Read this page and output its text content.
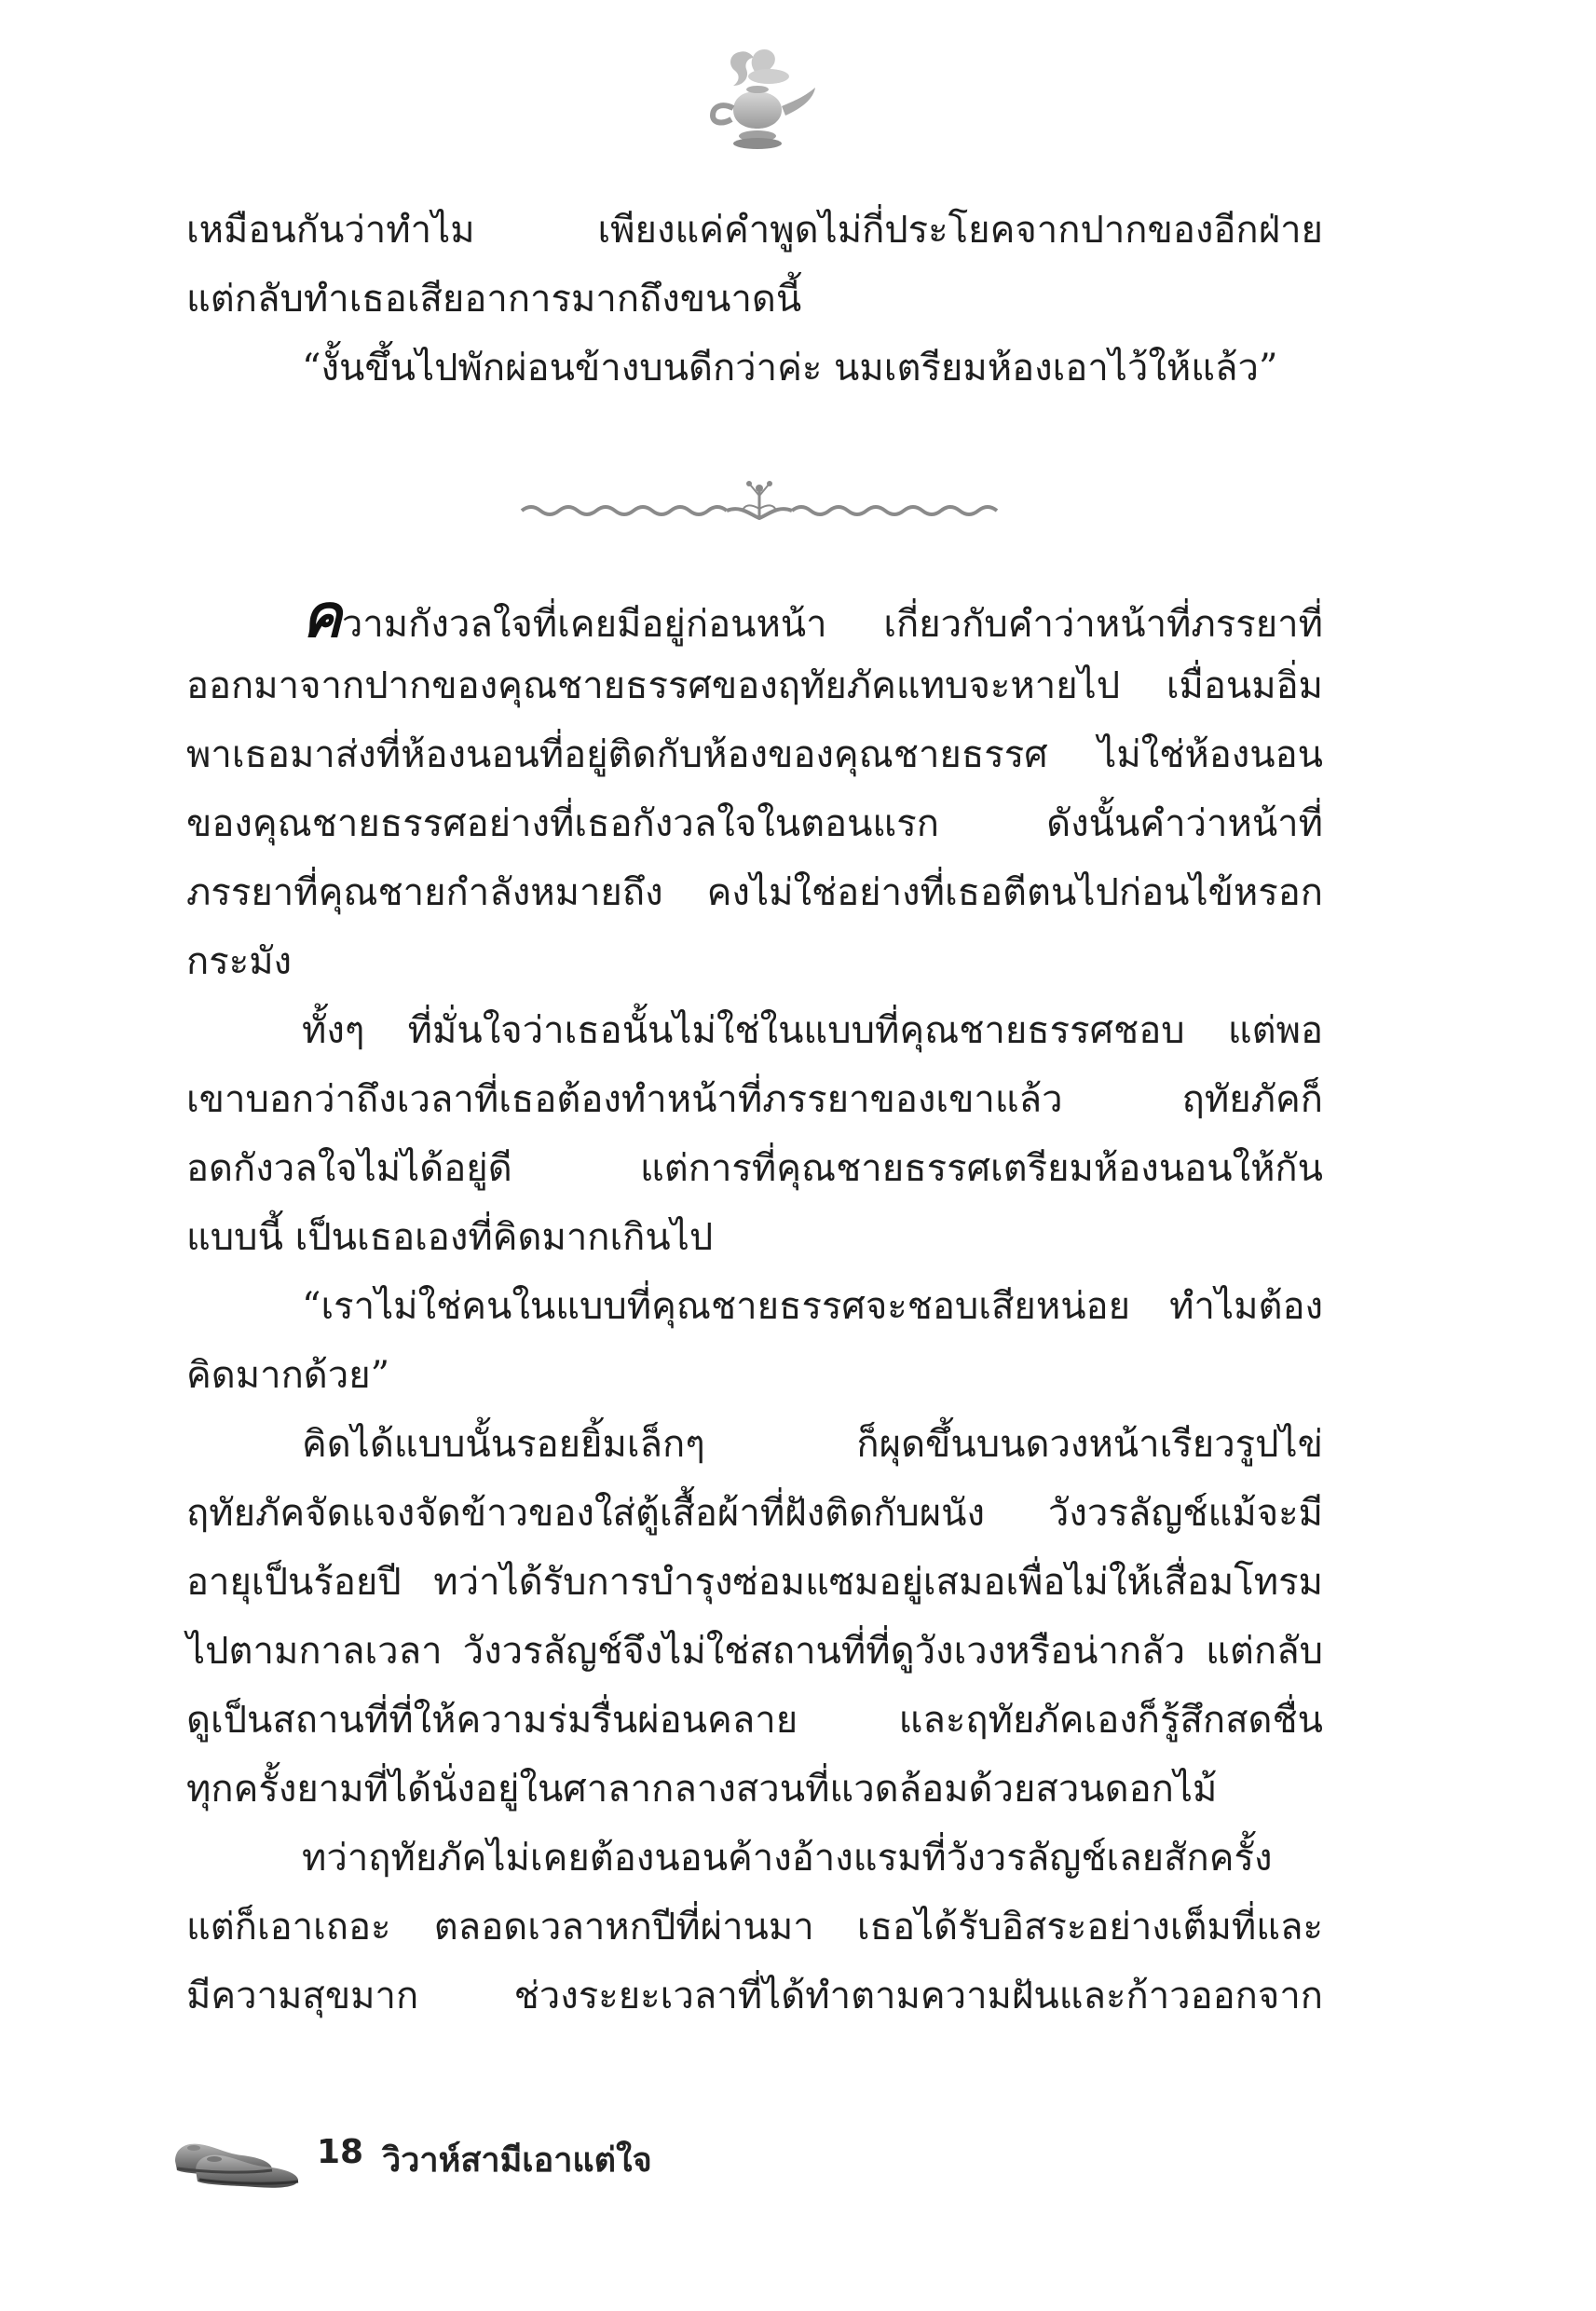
เหมือนกันว่าทำไม เพียงแค่คำพูดไม่กี่ประโยคจากปากของอีกฝ่าย
แต่กลับทำเธอเสียอาการมากถึงขนาดนี้
“งั้นขึ้นไปพักผ่อนข้างบนดีกว่าค่ะ นมเตรียมห้องเอาไว้ให้แล้ว”
ความกังวลใจที่เคยมีอยู่ก่อนหน้า เกี่ยวกับคำว่าหน้าที่ภรรยาที่
ออกมาจากปากของคุณชายธรรศของฤทัยภัคแทบจะหายไป เมื่อนมอิ่ม
พาเธอมาส่งที่ห้องนอนที่อยู่ติดกับห้องของคุณชายธรรศ ไม่ใช่ห้องนอน
ของคุณชายธรรศอย่างที่เธอกังวลใจในตอนแรก ดังนั้นคำว่าหน้าที่
ภรรยาที่คุณชายกำลังหมายถึง คงไม่ใช่อย่างที่เธอตีตนไปก่อนไข้หรอก
กระมัง
ทั้งๆ ที่มั่นใจว่าเธอนั้นไม่ใช่ในแบบที่คุณชายธรรศชอบ แต่พอ
เขาบอกว่าถึงเวลาที่เธอต้องทำหน้าที่ภรรยาของเขาแล้ว ฤทัยภัคก็
อดกังวลใจไม่ได้อยู่ดี แต่การที่คุณชายธรรศเตรียมห้องนอนให้กัน
แบบนี้ เป็นเธอเองที่คิดมากเกินไป
“เราไม่ใช่คนในแบบที่คุณชายธรรศจะชอบเสียหน่อย ทำไมต้อง
คิดมากด้วย”
คิดได้แบบนั้นรอยยิ้มเล็กๆ ก็ผุดขึ้นบนดวงหน้าเรียวรูปไข่
ฤทัยภัคจัดแจงจัดข้าวของใส่ตู้เสื้อผ้าที่ฝังติดกับผนัง วังวรลัญช์แม้จะมี
อายุเป็นร้อยปี ทว่าได้รับการบำรุงซ่อมแซมอยู่เสมอเพื่อไม่ให้เสื่อมโทรม
ไปตามกาลเวลา วังวรลัญช์จึงไม่ใช่สถานที่ที่ดูวังเวงหรือน่ากลัว แต่กลับ
ดูเป็นสถานที่ที่ให้ความร่มรื่นผ่อนคลาย และฤทัยภัคเองก็รู้สึกสดชื่น
ทุกครั้งยามที่ได้นั่งอยู่ในศาลากลางสวนที่แวดล้อมด้วยสวนดอกไม้
ทว่าฤทัยภัคไม่เคยต้องนอนค้างอ้างแรมที่วังวรลัญช์เลยสักครั้ง
แต่ก็เอาเถอะ ตลอดเวลาหกปีที่ผ่านมา เธอได้รับอิสระอย่างเต็มที่และ
มีความสุขมาก ช่วงระยะเวลาที่ได้ทำตามความฝันและก้าวออกจาก
18 วิวาห์สามีเอาแต่ใจ
